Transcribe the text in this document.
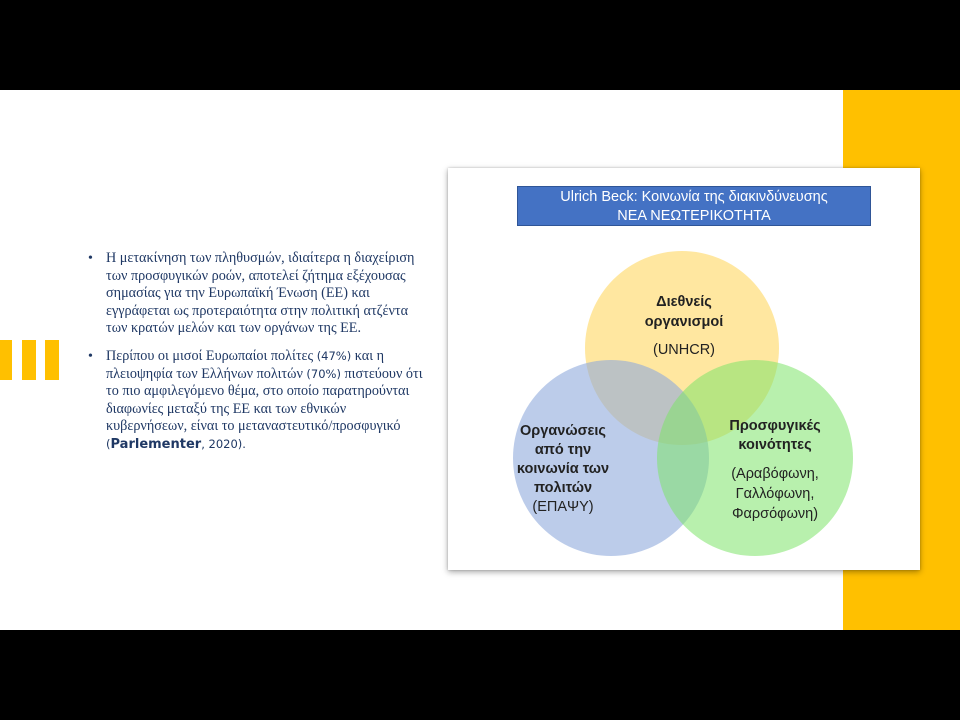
• Η μετακίνηση των πληθυσμών, ιδιαίτερα η διαχείριση των προσφυγικών ροών, αποτελεί ζήτημα εξέχουσας σημασίας για την Ευρωπαϊκή Ένωση (ΕΕ) και εγγράφεται ως προτεραιότητα στην πολιτική ατζέντα των κρατών μελών και των οργάνων της ΕΕ.
• Περίπου οι μισοί Ευρωπαίοι πολίτες (47%) και η πλειοψηφία των Ελλήνων πολιτών (70%) πιστεύουν ότι το πιο αμφιλεγόμενο θέμα, στο οποίο παρατηρούνται διαφωνίες μεταξύ της ΕΕ και των εθνικών κυβερνήσεων, είναι το μεταναστευτικό/προσφυγικό (Parlementer, 2020).
Ulrich Beck: Κοινωνία της διακινδύνευσης
ΝΕΑ ΝΕΩΤΕΡΙΚΟΤΗΤΑ
Διεθνείς
οργανισμοί
(UNHCR)
Οργανώσεις
από την
κοινωνία των
πολιτών
(ΕΠΑΨΥ)
Προσφυγικές
κοινότητες
(Αραβόφωνη,
Γαλλόφωνη,
Φαρσόφωνη)
